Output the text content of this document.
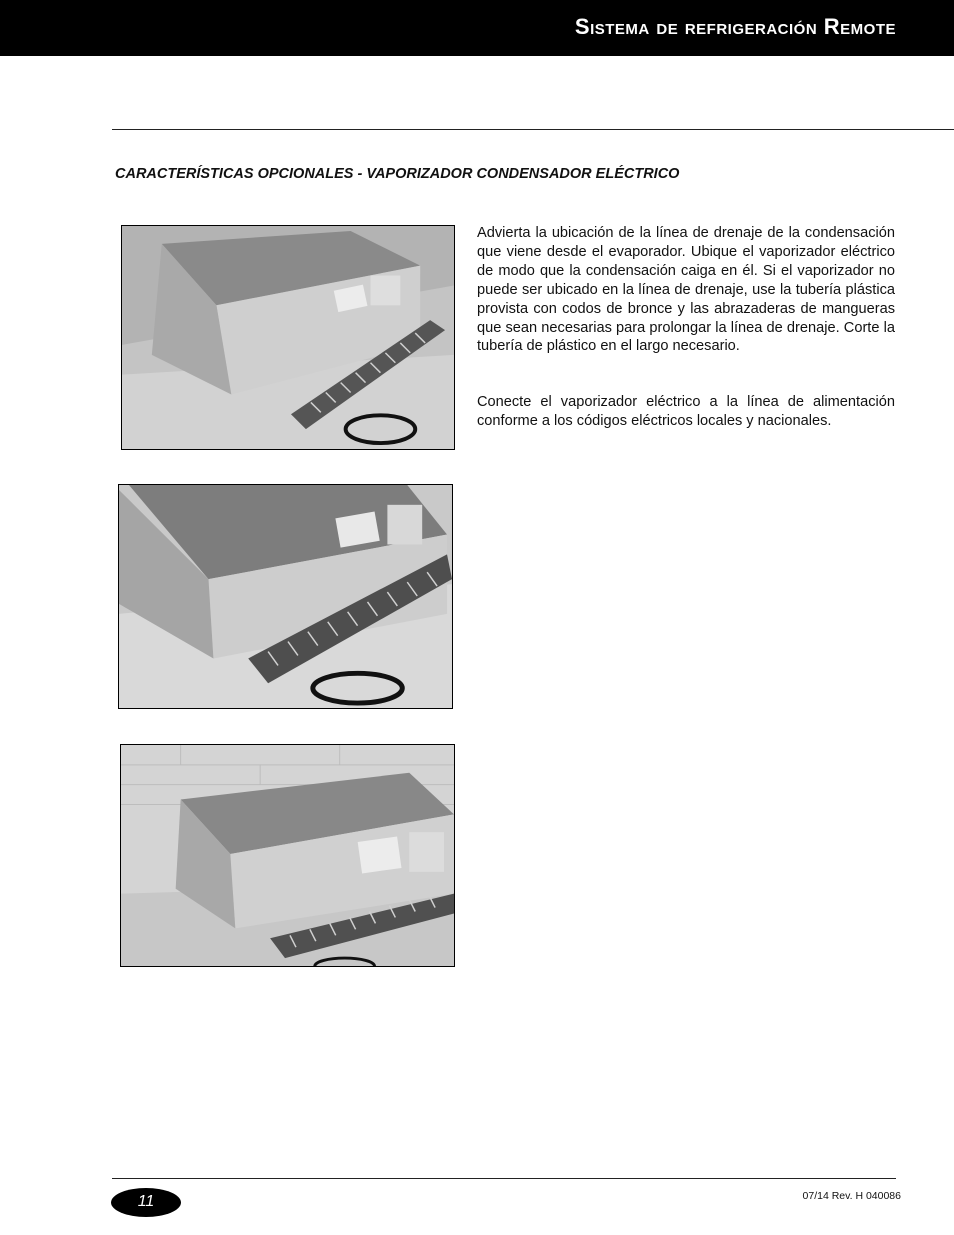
Sistema de refrigeración Remote
CARACTERÍSTICAS OPCIONALES - VAPORIZADOR CONDENSADOR ELÉCTRICO

Advierta la ubicación de la línea de drenaje de la condensación que viene desde el evaporador. Ubique el vaporizador eléctrico de modo que la condensación caiga en él. Si el vaporizador no puede ser ubicado en la línea de drenaje, use la tubería plástica provista con codos de bronce y las abrazaderas de mangueras que sean necesarias para prolongar la línea de drenaje. Corte la tubería de plástico en el largo necesario.

Conecte el vaporizador eléctrico a la línea de alimentación conforme a los códigos eléctricos locales y nacionales.

11	07/14 Rev. H 040086
